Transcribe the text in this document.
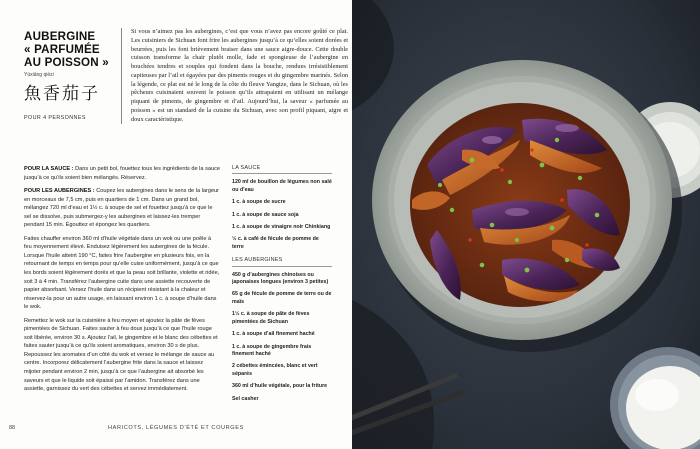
AUBERGINE
« PARFUMÉE
AU POISSON »
Yúxiāng qiézi
魚香茄子
POUR 4 PERSONNES
Si vous n’aimez pas les aubergines, c’est que vous n’avez pas encore goûté ce plat. Les cuisiniers de Sichuan font frire les aubergines jusqu’à ce qu’elles soient dorées et beurrées, puis les font brièvement braiser dans une sauce aigre-douce. Cette double cuisson transforme la chair plutôt molle, fade et spongieuse de l’aubergine en bouchées tendres et souples qui fondent dans la bouche, rendues irrésistiblement capiteuses par l’ail et égayées par des piments rouges et du gingembre marinés. Selon la légende, ce plat est né le long de la côte du fleuve Yangtze, dans le Sichuan, où les pêcheurs cuisinaient souvent le poisson qu’ils attrapaient en utilisant un mélange piquant de piments, de gingembre et d’ail. Aujourd’hui, la saveur « parfumée au poisson » est un standard de la cuisine du Sichuan, avec son profil piquant, aigre et doux caractéristique.

POUR LA SAUCE : Dans un petit bol, fouettez tous les ingrédients de la sauce jusqu’à ce qu’ils soient bien mélangés. Réservez.

POUR LES AUBERGINES : Coupez les aubergines dans le sens de la largeur en morceaux de 7,5 cm, puis en quartiers de 1 cm. Dans un grand bol, mélangez 720 ml d’eau et 1½ c. à soupe de sel et fouettez jusqu’à ce que le sel se dissolve, puis submergez-y les aubergines et laissez-les tremper pendant 15 min. Égouttez et épongez les quartiers.

Faites chauffer environ 360 ml d’huile végétale dans un wok ou une poêle à feu moyennement élevé. Enduisez légèrement les aubergines de la fécule. Lorsque l’huile atteint 190 °C, faites frire l’aubergine en plusieurs fois, en la retournant de temps en temps pour qu’elle cuise uniformément, jusqu’à ce que les bords soient légèrement dorés et que la peau soit brillante, violette et ridée, soit 3 à 4 min. Transférez l’aubergine cuite dans une assiette recouverte de papier absorbant. Versez l’huile dans un récipient résistant à la chaleur et réservez-la pour un autre usage, en laissant environ 1 c. à soupe d’huile dans le wok.

Remettez le wok sur la cuisinière à feu moyen et ajoutez la pâte de fèves pimentées de Sichuan. Faites sauter à feu doux jusqu’à ce que l’huile rouge soit libérée, environ 30 s. Ajoutez l’ail, le gingembre et le blanc des cébettes et faites sauter jusqu’à ce qu’ils soient aromatiques, environ 30 s de plus. Repoussez les aromates d’un côté du wok et versez le mélange de sauce au centre. Incorporez délicatement l’aubergine frite dans la sauce et laissez mijoter pendant environ 2 min, jusqu’à ce que l’aubergine ait absorbé les saveurs et que le liquide soit épaissi par l’amidon. Transférez dans une assiette, garnissez du vert des cébettes et servez immédiatement.

LA SAUCE
120 ml de bouillon de légumes non salé ou d’eau
1 c. à soupe de sucre
1 c. à soupe de sauce soja
1 c. à soupe de vinaigre noir Chinkiang
½ c. à café de fécule de pomme de terre
LES AUBERGINES
450 g d’aubergines chinoises ou japonaises longues (environ 3 petites)
65 g de fécule de pomme de terre ou de maïs
1½ c. à soupe de pâte de fèves pimentées de Sichuan
1 c. à soupe d’ail finement haché
1 c. à soupe de gingembre frais finement haché
2 cébettes émincées, blanc et vert séparés
360 ml d’huile végétale, pour la friture
Sel casher
88	HARICOTS, LÉGUMES D’ÉTÉ ET COURGES
